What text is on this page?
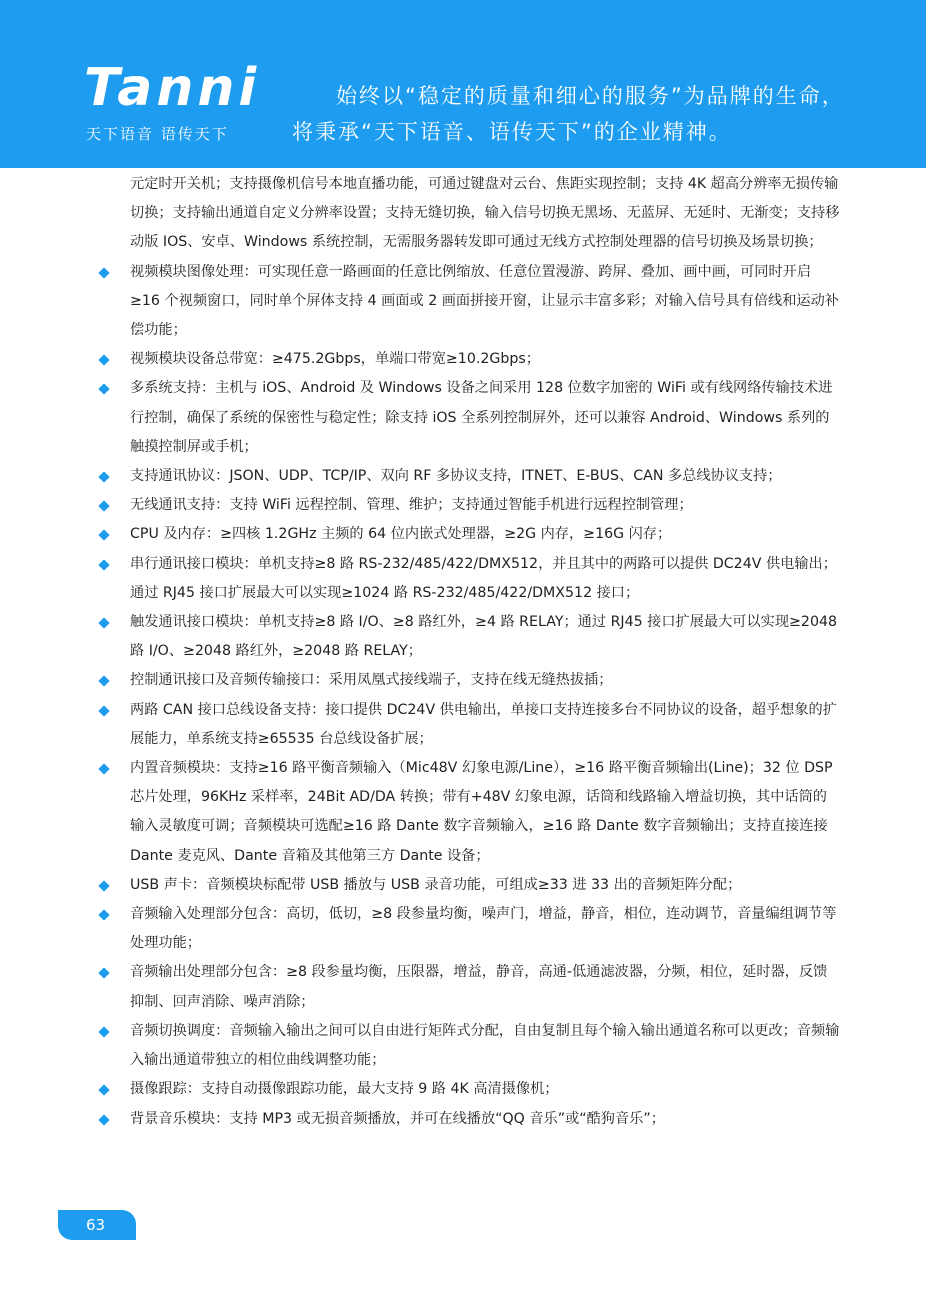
Tanni
天下语音 语传天下
始终以“稳定的质量和细心的服务”为品牌的生命，
将秉承“天下语音、语传天下”的企业精神。
元定时开关机；支持摄像机信号本地直播功能，可通过键盘对云台、焦距实现控制；支持 4K 超高分辨率无损传输切换；支持输出通道自定义分辨率设置；支持无缝切换，输入信号切换无黑场、无蓝屏、无延时、无渐变；支持移动版 IOS、安卓、Windows 系统控制，无需服务器转发即可通过无线方式控制处理器的信号切换及场景切换；
视频模块图像处理：可实现任意一路画面的任意比例缩放、任意位置漫游、跨屏、叠加、画中画，可同时开启≥16 个视频窗口，同时单个屏体支持 4 画面或 2 画面拼接开窗，让显示丰富多彩；对输入信号具有倍线和运动补偿功能；
视频模块设备总带宽：≥475.2Gbps，单端口带宽≥10.2Gbps；
多系统支持：主机与 iOS、Android 及 Windows 设备之间采用 128 位数字加密的 WiFi 或有线网络传输技术进行控制，确保了系统的保密性与稳定性；除支持 iOS 全系列控制屏外，还可以兼容 Android、Windows 系列的触摸控制屏或手机；
支持通讯协议：JSON、UDP、TCP/IP、双向 RF 多协议支持，ITNET、E-BUS、CAN 多总线协议支持；
无线通讯支持：支持 WiFi 远程控制、管理、维护；支持通过智能手机进行远程控制管理；
CPU 及内存：≥四核 1.2GHz 主频的 64 位内嵌式处理器，≥2G 内存，≥16G 闪存；
串行通讯接口模块：单机支持≥8 路 RS-232/485/422/DMX512，并且其中的两路可以提供 DC24V 供电输出；通过 RJ45 接口扩展最大可以实现≥1024 路 RS-232/485/422/DMX512 接口；
触发通讯接口模块：单机支持≥8 路 I/O、≥8 路红外，≥4 路 RELAY；通过 RJ45 接口扩展最大可以实现≥2048 路 I/O、≥2048 路红外，≥2048 路 RELAY；
控制通讯接口及音频传输接口：采用凤凰式接线端子，支持在线无缝热拔插；
两路 CAN 接口总线设备支持：接口提供 DC24V 供电输出，单接口支持连接多台不同协议的设备，超乎想象的扩展能力，单系统支持≥65535 台总线设备扩展；
内置音频模块：支持≥16 路平衡音频输入（Mic48V 幻象电源/Line），≥16 路平衡音频输出(Line)；32 位 DSP 芯片处理，96KHz 采样率，24Bit AD/DA 转换；带有+48V 幻象电源，话筒和线路输入增益切换，其中话筒的输入灵敏度可调；音频模块可选配≥16 路 Dante 数字音频输入，≥16 路 Dante 数字音频输出；支持直接连接 Dante 麦克风、Dante 音箱及其他第三方 Dante 设备；
USB 声卡：音频模块标配带 USB 播放与 USB 录音功能，可组成≥33 进 33 出的音频矩阵分配；
音频输入处理部分包含：高切，低切，≥8 段参量均衡，噪声门，增益，静音，相位，连动调节，音量编组调节等处理功能；
音频输出处理部分包含：≥8 段参量均衡，压限器，增益，静音，高通-低通滤波器，分频，相位，延时器，反馈抑制、回声消除、噪声消除；
音频切换调度：音频输入输出之间可以自由进行矩阵式分配，自由复制且每个输入输出通道名称可以更改；音频输入输出通道带独立的相位曲线调整功能；
摄像跟踪：支持自动摄像跟踪功能，最大支持 9 路 4K 高清摄像机；
背景音乐模块：支持 MP3 或无损音频播放，并可在线播放“QQ 音乐”或“酷狗音乐”；
63
